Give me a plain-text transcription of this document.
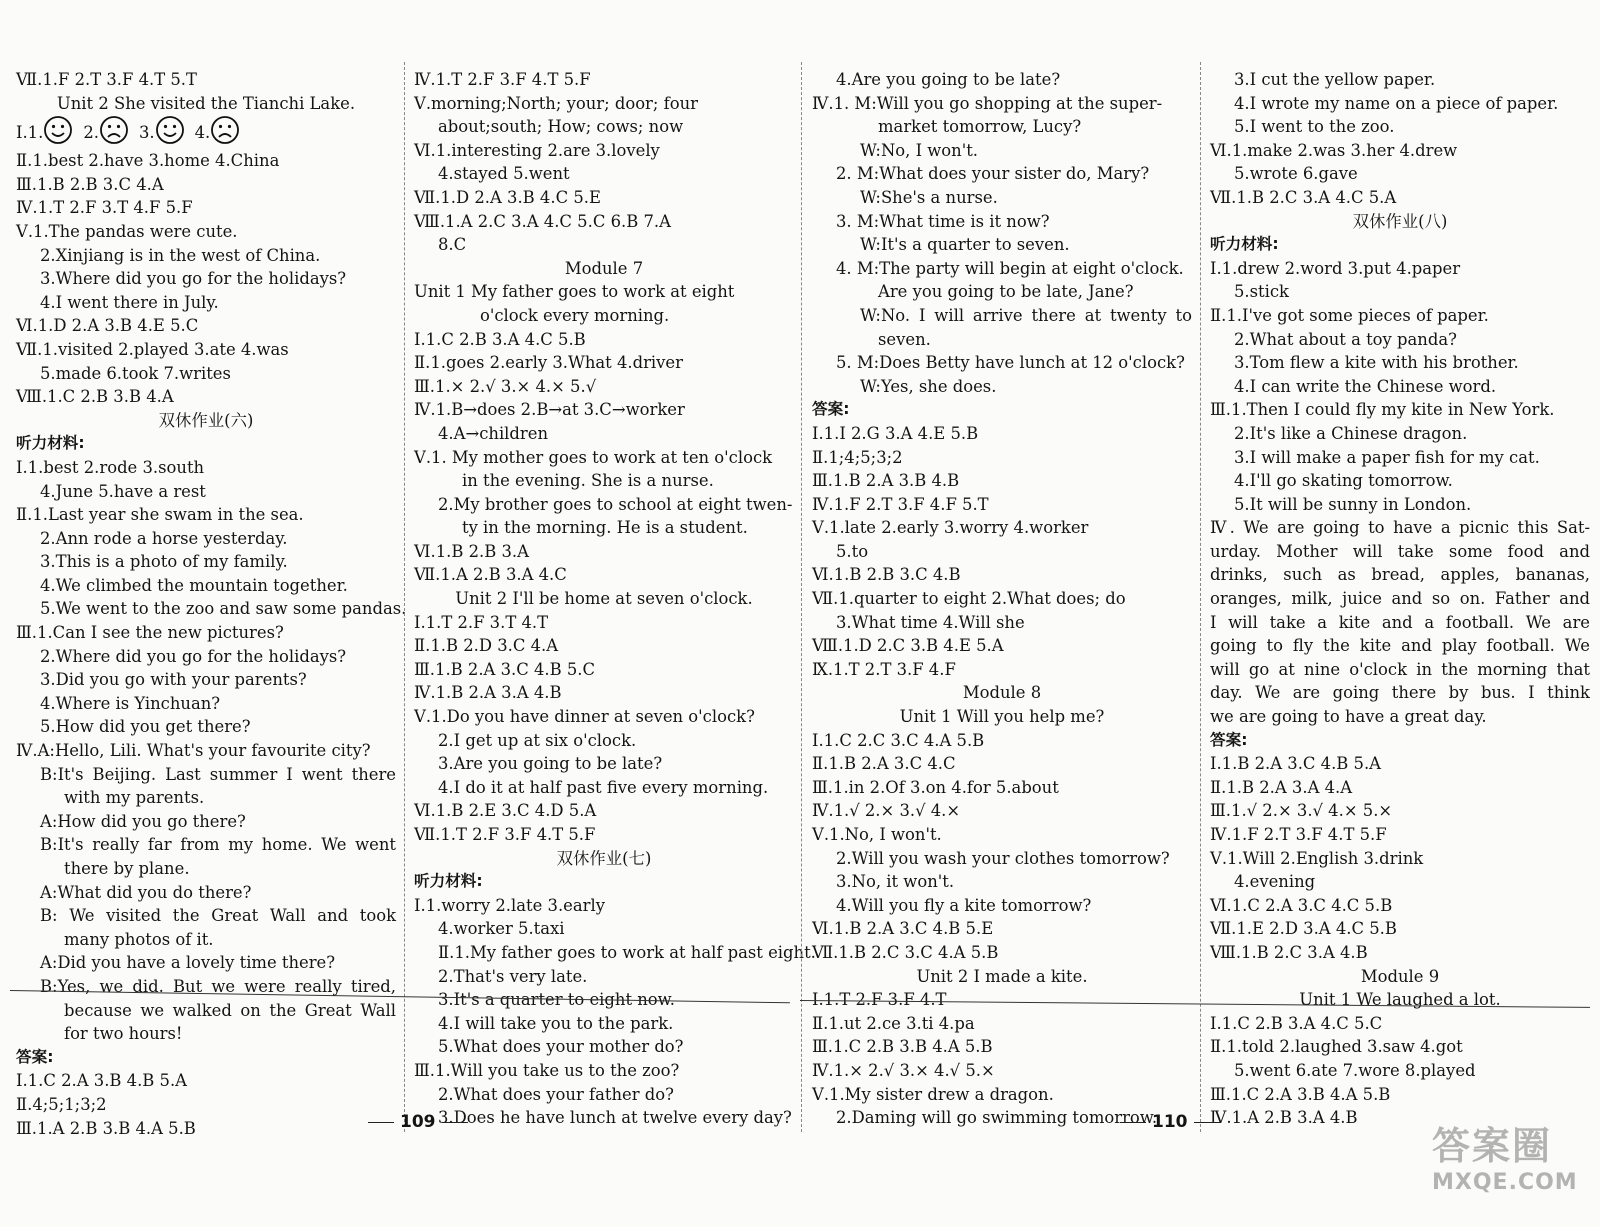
Ⅶ.1.F 2.T 3.F 4.T 5.T
Unit 2 She visited the Tianchi Lake.
Ⅰ.1. 2. 3. 4.
Ⅱ.1.best 2.have 3.home 4.China
Ⅲ.1.B 2.B 3.C 4.A
Ⅳ.1.T 2.F 3.T 4.F 5.F
Ⅴ.1.The pandas were cute.
2.Xinjiang is in the west of China.
3.Where did you go for the holidays?
4.I went there in July.
Ⅵ.1.D 2.A 3.B 4.E 5.C
Ⅶ.1.visited 2.played 3.ate 4.was
5.made 6.took 7.writes
Ⅷ.1.C 2.B 3.B 4.A
双休作业(六)
听力材料:
Ⅰ.1.best 2.rode 3.south
4.June 5.have a rest
Ⅱ.1.Last year she swam in the sea.
2.Ann rode a horse yesterday.
3.This is a photo of my family.
4.We climbed the mountain together.
5.We went to the zoo and saw some pandas.
Ⅲ.1.Can I see the new pictures?
2.Where did you go for the holidays?
3.Did you go with your parents?
4.Where is Yinchuan?
5.How did you get there?
Ⅳ.A:Hello, Lili. What's your favourite city?
B:It's Beijing. Last summer I went there
with my parents.
A:How did you go there?
B:It's really far from my home. We went
there by plane.
A:What did you do there?
B: We visited the Great Wall and took
many photos of it.
A:Did you have a lovely time there?
B:Yes, we did. But we were really tired,
because we walked on the Great Wall
for two hours!
答案:
Ⅰ.1.C 2.A 3.B 4.B 5.A
Ⅱ.4;5;1;3;2
Ⅲ.1.A 2.B 3.B 4.A 5.B
Ⅳ.1.T 2.F 3.F 4.T 5.F
Ⅴ.morning;North; your; door; four
about;south; How; cows; now
Ⅵ.1.interesting 2.are 3.lovely
4.stayed 5.went
Ⅶ.1.D 2.A 3.B 4.C 5.E
Ⅷ.1.A 2.C 3.A 4.C 5.C 6.B 7.A
8.C
Module 7
Unit 1 My father goes to work at eight
o'clock every morning.
Ⅰ.1.C 2.B 3.A 4.C 5.B
Ⅱ.1.goes 2.early 3.What 4.driver
Ⅲ.1.× 2.√ 3.× 4.× 5.√
Ⅳ.1.B→does 2.B→at 3.C→worker
4.A→children
Ⅴ.1. My mother goes to work at ten o'clock
in the evening. She is a nurse.
2.My brother goes to school at eight twen-
ty in the morning. He is a student.
Ⅵ.1.B 2.B 3.A
Ⅶ.1.A 2.B 3.A 4.C
Unit 2 I'll be home at seven o'clock.
Ⅰ.1.T 2.F 3.T 4.T
Ⅱ.1.B 2.D 3.C 4.A
Ⅲ.1.B 2.A 3.C 4.B 5.C
Ⅳ.1.B 2.A 3.A 4.B
Ⅴ.1.Do you have dinner at seven o'clock?
2.I get up at six o'clock.
3.Are you going to be late?
4.I do it at half past five every morning.
Ⅵ.1.B 2.E 3.C 4.D 5.A
Ⅶ.1.T 2.F 3.F 4.T 5.F
双休作业(七)
听力材料:
Ⅰ.1.worry 2.late 3.early
4.worker 5.taxi
Ⅱ.1.My father goes to work at half past eight.
2.That's very late.
3.It's a quarter to eight now.
4.I will take you to the park.
5.What does your mother do?
Ⅲ.1.Will you take us to the zoo?
2.What does your father do?
3.Does he have lunch at twelve every day?
4.Are you going to be late?
Ⅳ.1. M:Will you go shopping at the super-
market tomorrow, Lucy?
W:No, I won't.
2. M:What does your sister do, Mary?
W:She's a nurse.
3. M:What time is it now?
W:It's a quarter to seven.
4. M:The party will begin at eight o'clock.
Are you going to be late, Jane?
W:No. I will arrive there at twenty to
seven.
5. M:Does Betty have lunch at 12 o'clock?
W:Yes, she does.
答案:
Ⅰ.1.I 2.G 3.A 4.E 5.B
Ⅱ.1;4;5;3;2
Ⅲ.1.B 2.A 3.B 4.B
Ⅳ.1.F 2.T 3.F 4.F 5.T
Ⅴ.1.late 2.early 3.worry 4.worker
5.to
Ⅵ.1.B 2.B 3.C 4.B
Ⅶ.1.quarter to eight 2.What does; do
3.What time 4.Will she
Ⅷ.1.D 2.C 3.B 4.E 5.A
Ⅸ.1.T 2.T 3.F 4.F
Module 8
Unit 1 Will you help me?
Ⅰ.1.C 2.C 3.C 4.A 5.B
Ⅱ.1.B 2.A 3.C 4.C
Ⅲ.1.in 2.Of 3.on 4.for 5.about
Ⅳ.1.√ 2.× 3.√ 4.×
Ⅴ.1.No, I won't.
2.Will you wash your clothes tomorrow?
3.No, it won't.
4.Will you fly a kite tomorrow?
Ⅵ.1.B 2.A 3.C 4.B 5.E
Ⅶ.1.B 2.C 3.C 4.A 5.B
Unit 2 I made a kite.
Ⅰ.1.T 2.F 3.F 4.T
Ⅱ.1.ut 2.ce 3.ti 4.pa
Ⅲ.1.C 2.B 3.B 4.A 5.B
Ⅳ.1.× 2.√ 3.× 4.√ 5.×
Ⅴ.1.My sister drew a dragon.
2.Daming will go swimming tomorrow.
3.I cut the yellow paper.
4.I wrote my name on a piece of paper.
5.I went to the zoo.
Ⅵ.1.make 2.was 3.her 4.drew
5.wrote 6.gave
Ⅶ.1.B 2.C 3.A 4.C 5.A
双休作业(八)
听力材料:
Ⅰ.1.drew 2.word 3.put 4.paper
5.stick
Ⅱ.1.I've got some pieces of paper.
2.What about a toy panda?
3.Tom flew a kite with his brother.
4.I can write the Chinese word.
Ⅲ.1.Then I could fly my kite in New York.
2.It's like a Chinese dragon.
3.I will make a paper fish for my cat.
4.I'll go skating tomorrow.
5.It will be sunny in London.
Ⅳ. We are going to have a picnic this Sat-
urday. Mother will take some food and
drinks, such as bread, apples, bananas,
oranges, milk, juice and so on. Father and
I will take a kite and a football. We are
going to fly the kite and play football. We
will go at nine o'clock in the morning that
day. We are going there by bus. I think
we are going to have a great day.
答案:
Ⅰ.1.B 2.A 3.C 4.B 5.A
Ⅱ.1.B 2.A 3.A 4.A
Ⅲ.1.√ 2.× 3.√ 4.× 5.×
Ⅳ.1.F 2.T 3.F 4.T 5.F
Ⅴ.1.Will 2.English 3.drink
4.evening
Ⅵ.1.C 2.A 3.C 4.C 5.B
Ⅶ.1.E 2.D 3.A 4.C 5.B
Ⅷ.1.B 2.C 3.A 4.B
Module 9
Unit 1 We laughed a lot.
Ⅰ.1.C 2.B 3.A 4.C 5.C
Ⅱ.1.told 2.laughed 3.saw 4.got
5.went 6.ate 7.wore 8.played
Ⅲ.1.C 2.A 3.B 4.A 5.B
Ⅳ.1.A 2.B 3.A 4.B
109	110
答案圈
MXQE.COM
